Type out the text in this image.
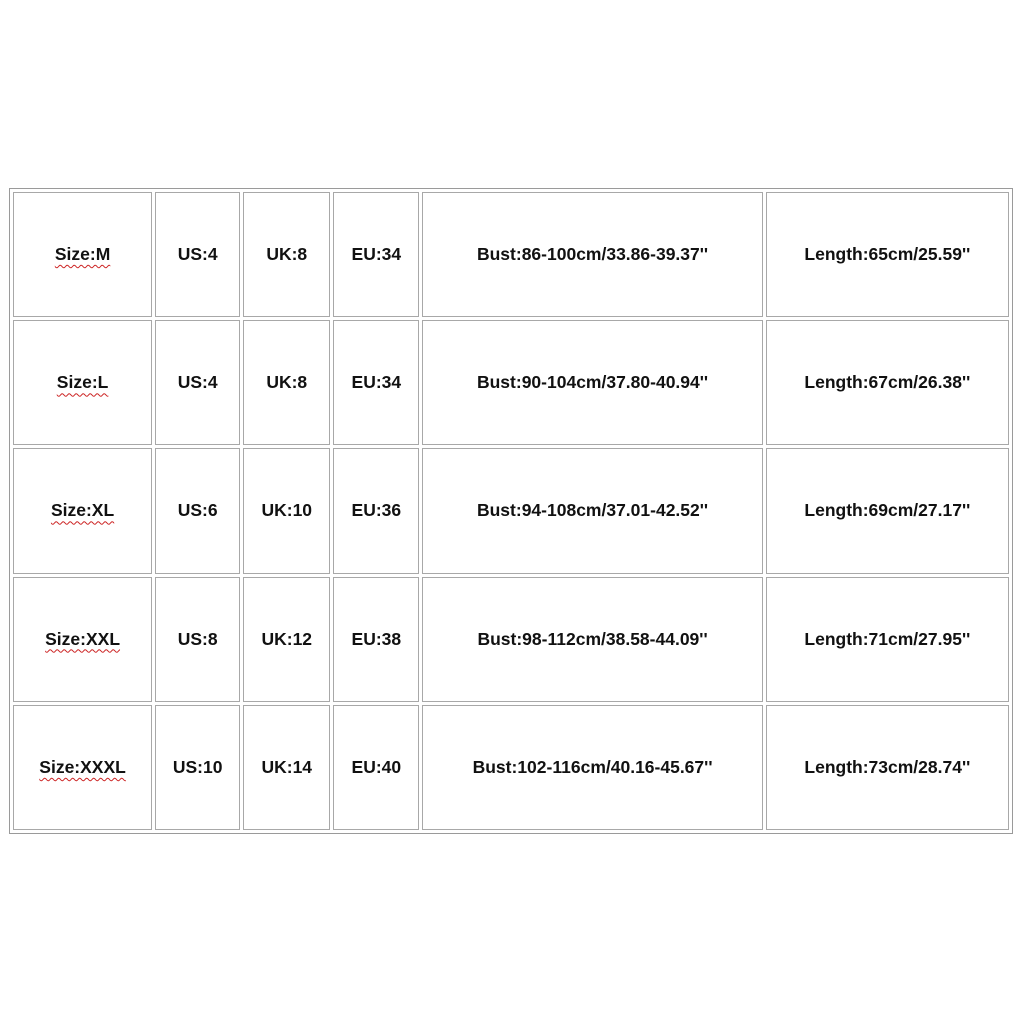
Size:M	US:4	UK:8	EU:34	Bust:86-100cm/33.86-39.37''	Length:65cm/25.59''
Size:L	US:4	UK:8	EU:34	Bust:90-104cm/37.80-40.94''	Length:67cm/26.38''
Size:XL	US:6	UK:10	EU:36	Bust:94-108cm/37.01-42.52''	Length:69cm/27.17''
Size:XXL	US:8	UK:12	EU:38	Bust:98-112cm/38.58-44.09''	Length:71cm/27.95''
Size:XXXL	US:10	UK:14	EU:40	Bust:102-116cm/40.16-45.67''	Length:73cm/28.74''
